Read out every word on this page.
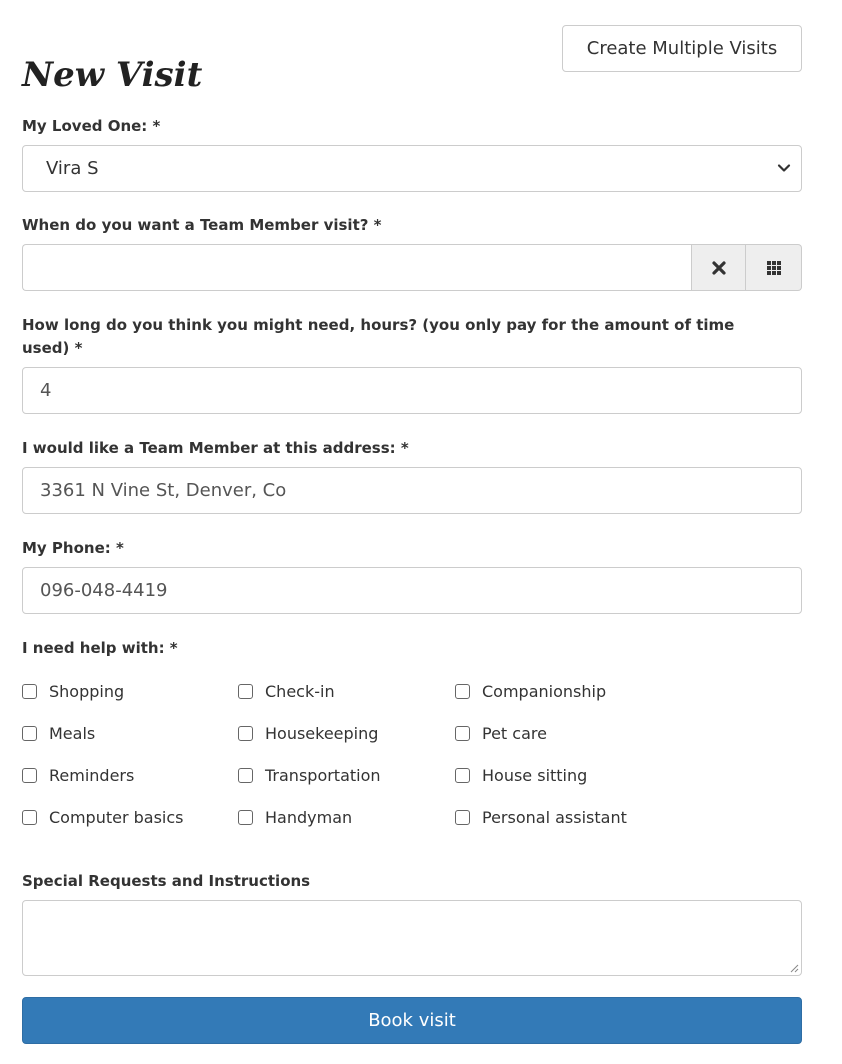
Create Multiple Visits
New Visit
My Loved One: *
Vira S
When do you want a Team Member visit? *
How long do you think you might need, hours? (you only pay for the amount of time used) *
4
I would like a Team Member at this address: *
3361 N Vine St, Denver, Co
My Phone: *
096-048-4419
I need help with: *
Shopping	Check-in	Companionship
Meals	Housekeeping	Pet care
Reminders	Transportation	House sitting
Computer basics	Handyman	Personal assistant
Special Requests and Instructions
Book visit
